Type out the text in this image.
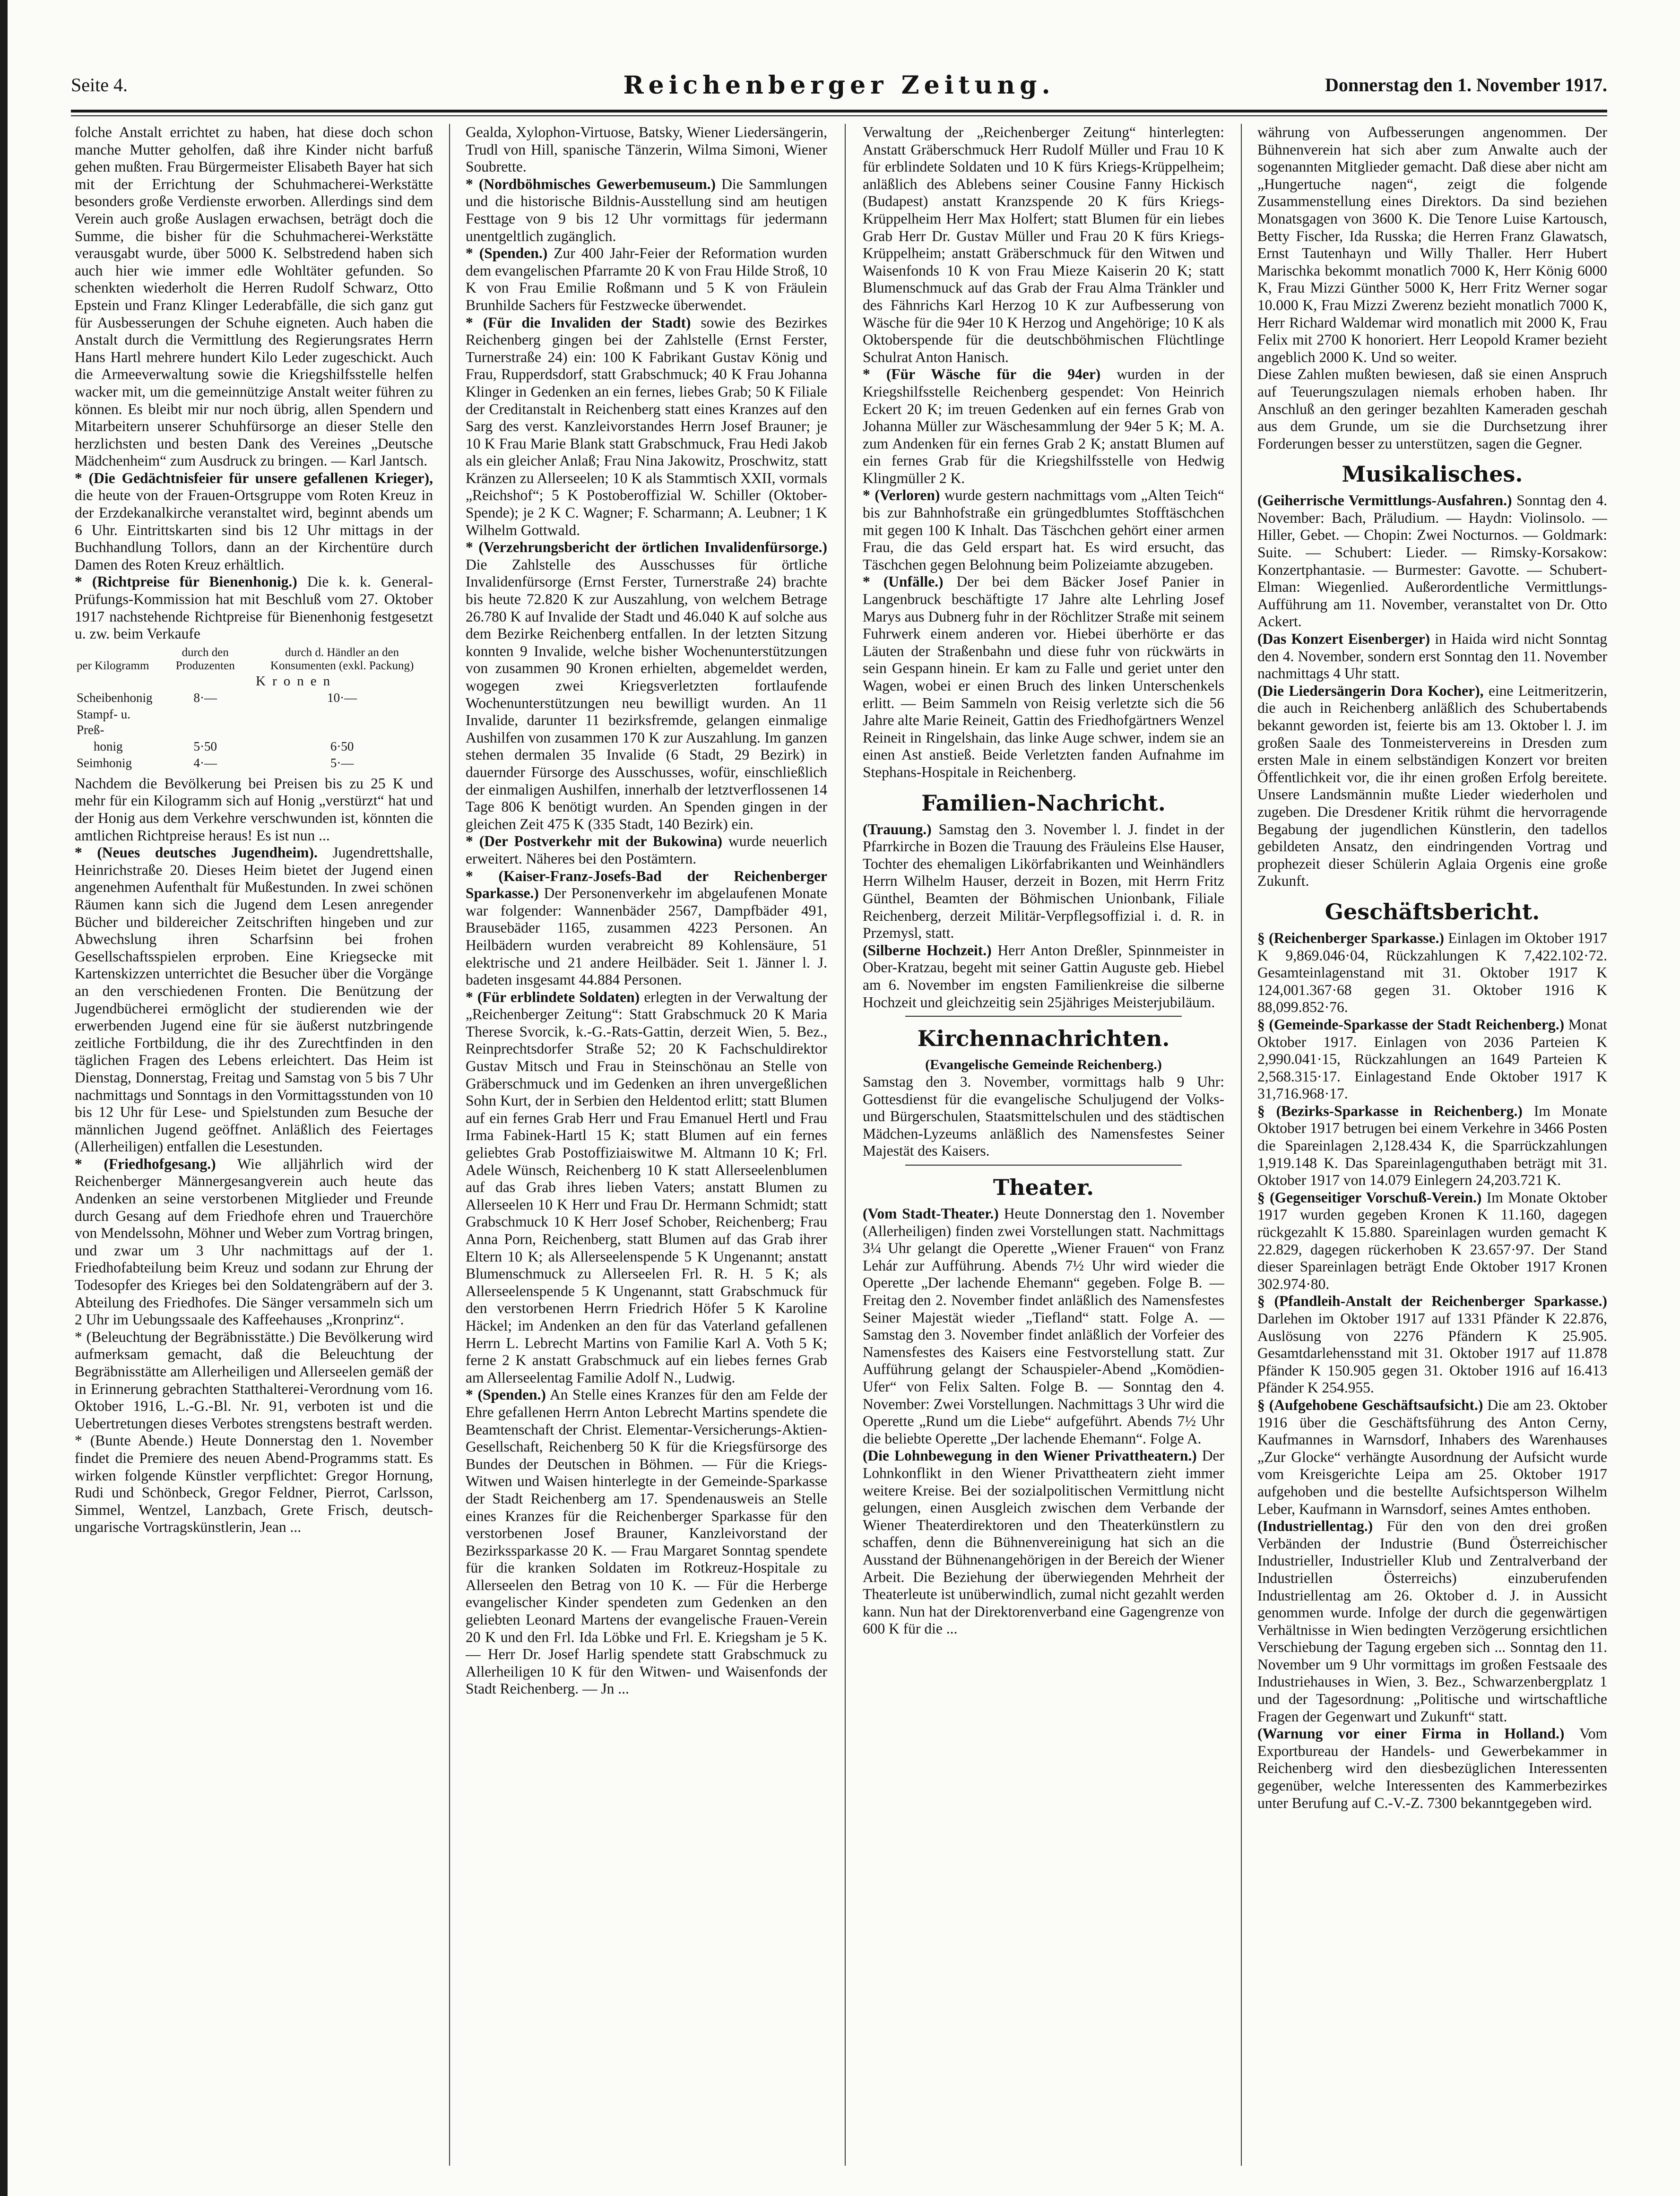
Seite 4.	Reichenberger Zeitung.	Donnerstag den 1. November 1917.

folche Anstalt errichtet zu haben, hat diese doch schon manche Mutter geholfen, daß ihre Kinder nicht barfuß gehen mußten. Frau Bürgermeister Elisabeth Bayer hat sich mit der Errichtung der Schuhmacherei-Werkstätte besonders große Verdienste erworben. Allerdings sind dem Verein auch große Auslagen erwachsen, beträgt doch die Summe, die bisher für die Schuhmacherei-Werkstätte verausgabt wurde, über 5000 K. Selbstredend haben sich auch hier wie immer edle Wohltäter gefunden. So schenkten wiederholt die Herren Rudolf Schwarz, Otto Epstein und Franz Klinger Lederabfälle, die sich ganz gut für Ausbesserungen der Schuhe eigneten. Auch haben die Anstalt durch die Vermittlung des Regierungsrates Herrn Hans Hartl mehrere hundert Kilo Leder zugeschickt. Auch die Armeeverwaltung sowie die Kriegshilfsstelle helfen wacker mit, um die gemeinnützige Anstalt weiter führen zu können. Es bleibt mir nur noch übrig, allen Spendern und Mitarbeitern unserer Schuhfürsorge an dieser Stelle den herzlichsten und besten Dank des Vereines „Deutsche Mädchenheim“ zum Ausdruck zu bringen. — Karl Jantsch.

* (Die Gedächtnisfeier für unsere gefallenen Krieger), die heute von der Frauen-Ortsgruppe vom Roten Kreuz in der Erzdekanalkirche veranstaltet wird, beginnt abends um 6 Uhr. Eintrittskarten sind bis 12 Uhr mittags in der Buchhandlung Tollors, dann an der Kirchentüre durch Damen des Roten Kreuz erhältlich.

* (Richtpreise für Bienenhonig.) Die k. k. General-Prüfungs-Kommission hat mit Beschluß vom 27. Oktober 1917 nachstehende Richtpreise für Bienenhonig festgesetzt u. zw. beim Verkaufe

per Kilogramm	durch den Produzenten	durch d. Händler an den Konsumenten (exkl. Packung)
	Kronen	
Scheibenhonig	8·—	10·—
Stampf- u. Preß-		
honig	5·50	6·50
Seimhonig	4·—	5·—

Nachdem die Bevölkerung bei Preisen bis zu 25 K und mehr für ein Kilogramm sich auf Honig „verstürzt“ hat und der Honig aus dem Verkehre verschwunden ist, könnten die amtlichen Richtpreise heraus! Es ist nun ...

* (Neues deutsches Jugendheim). Jugendrettshalle, Heinrichstraße 20. Dieses Heim bietet der Jugend einen angenehmen Aufenthalt für Mußestunden. In zwei schönen Räumen kann sich die Jugend dem Lesen anregender Bücher und bildereicher Zeitschriften hingeben und zur Abwechslung ihren Scharfsinn bei frohen Gesellschaftsspielen erproben. Eine Kriegsecke mit Kartenskizzen unterrichtet die Besucher über die Vorgänge an den verschiedenen Fronten. Die Benützung der Jugendbücherei ermöglicht der studierenden wie der erwerbenden Jugend eine für sie äußerst nutzbringende zeitliche Fortbildung, die ihr des Zurechtfinden in den täglichen Fragen des Lebens erleichtert. Das Heim ist Dienstag, Donnerstag, Freitag und Samstag von 5 bis 7 Uhr nachmittags und Sonntags in den Vormittagsstunden von 10 bis 12 Uhr für Lese- und Spielstunden zum Besuche der männlichen Jugend geöffnet. Anläßlich des Feiertages (Allerheiligen) entfallen die Lesestunden.

* (Friedhofgesang.) Wie alljährlich wird der Reichenberger Männergesangverein auch heute das Andenken an seine verstorbenen Mitglieder und Freunde durch Gesang auf dem Friedhofe ehren und Trauerchöre von Mendelssohn, Möhner und Weber zum Vortrag bringen, und zwar um 3 Uhr nachmittags auf der 1. Friedhofabteilung beim Kreuz und sodann zur Ehrung der Todesopfer des Krieges bei den Soldatengräbern auf der 3. Abteilung des Friedhofes. Die Sänger versammeln sich um 2 Uhr im Uebungssaale des Kaffeehauses „Kronprinz“.

* (Beleuchtung der Begräbnisstätte.) Die Bevölkerung wird aufmerksam gemacht, daß die Beleuchtung der Begräbnisstätte am Allerheiligen und Allerseelen gemäß der in Erinnerung gebrachten Statthalterei-Verordnung vom 16. Oktober 1916, L.-G.-Bl. Nr. 91, verboten ist und die Uebertretungen dieses Verbotes strengstens bestraft werden.

* (Bunte Abende.) Heute Donnerstag den 1. November findet die Premiere des neuen Abend-Programms statt. Es wirken folgende Künstler verpflichtet: Gregor Hornung, Rudi und Schönbeck, Gregor Feldner, Pierrot, Carlsson, Simmel, Wentzel, Lanzbach, Grete Frisch, deutsch-ungarische Vortragskünstlerin, Jean ...

Gealda, Xylophon-Virtuose, Batsky, Wiener Liedersängerin, Trudl von Hill, spanische Tänzerin, Wilma Simoni, Wiener Soubrette.

* (Nordböhmisches Gewerbemuseum.) Die Sammlungen und die historische Bildnis-Ausstellung sind am heutigen Festtage von 9 bis 12 Uhr vormittags für jedermann unentgeltlich zugänglich.

* (Spenden.) Zur 400 Jahr-Feier der Reformation wurden dem evangelischen Pfarramte 20 K von Frau Hilde Stroß, 10 K von Frau Emilie Roßmann und 5 K von Fräulein Brunhilde Sachers für Festzwecke überwendet.

* (Für die Invaliden der Stadt) sowie des Bezirkes Reichenberg gingen bei der Zahlstelle (Ernst Ferster, Turnerstraße 24) ein: 100 K Fabrikant Gustav König und Frau, Rupperdsdorf, statt Grabschmuck; 40 K Frau Johanna Klinger in Gedenken an ein fernes, liebes Grab; 50 K Filiale der Creditanstalt in Reichenberg statt eines Kranzes auf den Sarg des verst. Kanzleivorstandes Herrn Josef Brauner; je 10 K Frau Marie Blank statt Grabschmuck, Frau Hedi Jakob als ein gleicher Anlaß; Frau Nina Jakowitz, Proschwitz, statt Kränzen zu Allerseelen; 10 K als Stammtisch XXII, vormals „Reichshof“; 5 K Postoberoffizial W. Schiller (Oktober-Spende); je 2 K C. Wagner; F. Scharmann; A. Leubner; 1 K Wilhelm Gottwald.

* (Verzehrungsbericht der örtlichen Invalidenfürsorge.) Die Zahlstelle des Ausschusses für örtliche Invalidenfürsorge (Ernst Ferster, Turnerstraße 24) brachte bis heute 72.820 K zur Auszahlung, von welchem Betrage 26.780 K auf Invalide der Stadt und 46.040 K auf solche aus dem Bezirke Reichenberg entfallen. In der letzten Sitzung konnten 9 Invalide, welche bisher Wochenunterstützungen von zusammen 90 Kronen erhielten, abgemeldet werden, wogegen zwei Kriegsverletzten fortlaufende Wochenunterstützungen neu bewilligt wurden. An 11 Invalide, darunter 11 bezirksfremde, gelangen einmalige Aushilfen von zusammen 170 K zur Auszahlung. Im ganzen stehen dermalen 35 Invalide (6 Stadt, 29 Bezirk) in dauernder Fürsorge des Ausschusses, wofür, einschließlich der einmaligen Aushilfen, innerhalb der letztverflossenen 14 Tage 806 K benötigt wurden. An Spenden gingen in der gleichen Zeit 475 K (335 Stadt, 140 Bezirk) ein.

* (Der Postverkehr mit der Bukowina) wurde neuerlich erweitert. Näheres bei den Postämtern.

* (Kaiser-Franz-Josefs-Bad der Reichenberger Sparkasse.) Der Personenverkehr im abgelaufenen Monate war folgender: Wannenbäder 2567, Dampfbäder 491, Brausebäder 1165, zusammen 4223 Personen. An Heilbädern wurden verabreicht 89 Kohlensäure, 51 elektrische und 21 andere Heilbäder. Seit 1. Jänner l. J. badeten insgesamt 44.884 Personen.

* (Für erblindete Soldaten) erlegten in der Verwaltung der „Reichenberger Zeitung“: Statt Grabschmuck 20 K Maria Therese Svorcik, k.-G.-Rats-Gattin, derzeit Wien, 5. Bez., Reinprechtsdorfer Straße 52; 20 K Fachschuldirektor Gustav Mitsch und Frau in Steinschönau an Stelle von Gräberschmuck und im Gedenken an ihren unvergeßlichen Sohn Kurt, der in Serbien den Heldentod erlitt; statt Blumen auf ein fernes Grab Herr und Frau Emanuel Hertl und Frau Irma Fabinek-Hartl 15 K; statt Blumen auf ein fernes geliebtes Grab Postoffiziaiswitwe M. Altmann 10 K; Frl. Adele Wünsch, Reichenberg 10 K statt Allerseelenblumen auf das Grab ihres lieben Vaters; anstatt Blumen zu Allerseelen 10 K Herr und Frau Dr. Hermann Schmidt; statt Grabschmuck 10 K Herr Josef Schober, Reichenberg; Frau Anna Porn, Reichenberg, statt Blumen auf das Grab ihrer Eltern 10 K; als Allerseelenspende 5 K Ungenannt; anstatt Blumenschmuck zu Allerseelen Frl. R. H. 5 K; als Allerseelenspende 5 K Ungenannt, statt Grabschmuck für den verstorbenen Herrn Friedrich Höfer 5 K Karoline Häckel; im Andenken an den für das Vaterland gefallenen Herrn L. Lebrecht Martins von Familie Karl A. Voth 5 K; ferne 2 K anstatt Grabschmuck auf ein liebes fernes Grab am Allerseelentag Familie Adolf N., Ludwig.

* (Spenden.) An Stelle eines Kranzes für den am Felde der Ehre gefallenen Herrn Anton Lebrecht Martins spendete die Beamtenschaft der Christ. Elementar-Versicherungs-Aktien-Gesellschaft, Reichenberg 50 K für die Kriegsfürsorge des Bundes der Deutschen in Böhmen. — Für die Kriegs-Witwen und Waisen hinterlegte in der Gemeinde-Sparkasse der Stadt Reichenberg am 17. Spendenausweis an Stelle eines Kranzes für die Reichenberger Sparkasse für den verstorbenen Josef Brauner, Kanzleivorstand der Bezirkssparkasse 20 K. — Frau Margaret Sonntag spendete für die kranken Soldaten im Rotkreuz-Hospitale zu Allerseelen den Betrag von 10 K. — Für die Herberge evangelischer Kinder spendeten zum Gedenken an den geliebten Leonard Martens der evangelische Frauen-Verein 20 K und den Frl. Ida Löbke und Frl. E. Kriegsham je 5 K. — Herr Dr. Josef Harlig spendete statt Grabschmuck zu Allerheiligen 10 K für den Witwen- und Waisenfonds der Stadt Reichenberg. — Jn ...

Verwaltung der „Reichenberger Zeitung“ hinterlegten: Anstatt Gräberschmuck Herr Rudolf Müller und Frau 10 K für erblindete Soldaten und 10 K fürs Kriegs-Krüppelheim; anläßlich des Ablebens seiner Cousine Fanny Hickisch (Budapest) anstatt Kranzspende 20 K fürs Kriegs-Krüppelheim Herr Max Holfert; statt Blumen für ein liebes Grab Herr Dr. Gustav Müller und Frau 20 K fürs Kriegs-Krüppelheim; anstatt Gräberschmuck für den Witwen und Waisenfonds 10 K von Frau Mieze Kaiserin 20 K; statt Blumenschmuck auf das Grab der Frau Alma Tränkler und des Fähnrichs Karl Herzog 10 K zur Aufbesserung von Wäsche für die 94er 10 K Herzog und Angehörige; 10 K als Oktoberspende für die deutschböhmischen Flüchtlinge Schulrat Anton Hanisch.

* (Für Wäsche für die 94er) wurden in der Kriegshilfsstelle Reichenberg gespendet: Von Heinrich Eckert 20 K; im treuen Gedenken auf ein fernes Grab von Johanna Müller zur Wäschesammlung der 94er 5 K; M. A. zum Andenken für ein fernes Grab 2 K; anstatt Blumen auf ein fernes Grab für die Kriegshilfsstelle von Hedwig Klingmüller 2 K.

* (Verloren) wurde gestern nachmittags vom „Alten Teich“ bis zur Bahnhofstraße ein grüngedblumtes Stofftäschchen mit gegen 100 K Inhalt. Das Täschchen gehört einer armen Frau, die das Geld erspart hat. Es wird ersucht, das Täschchen gegen Belohnung beim Polizeiamte abzugeben.

* (Unfälle.) Der bei dem Bäcker Josef Panier in Langenbruck beschäftigte 17 Jahre alte Lehrling Josef Marys aus Dubnerg fuhr in der Röchlitzer Straße mit seinem Fuhrwerk einem anderen vor. Hiebei überhörte er das Läuten der Straßenbahn und diese fuhr von rückwärts in sein Gespann hinein. Er kam zu Falle und geriet unter den Wagen, wobei er einen Bruch des linken Unterschenkels erlitt. — Beim Sammeln von Reisig verletzte sich die 56 Jahre alte Marie Reineit, Gattin des Friedhofgärtners Wenzel Reineit in Ringelshain, das linke Auge schwer, indem sie an einen Ast anstieß. Beide Verletzten fanden Aufnahme im Stephans-Hospitale in Reichenberg.

Familien-Nachricht.

(Trauung.) Samstag den 3. November l. J. findet in der Pfarrkirche in Bozen die Trauung des Fräuleins Else Hauser, Tochter des ehemaligen Likörfabrikanten und Weinhändlers Herrn Wilhelm Hauser, derzeit in Bozen, mit Herrn Fritz Günthel, Beamten der Böhmischen Unionbank, Filiale Reichenberg, derzeit Militär-Verpflegsoffizial i. d. R. in Przemysl, statt.

(Silberne Hochzeit.) Herr Anton Dreßler, Spinnmeister in Ober-Kratzau, begeht mit seiner Gattin Auguste geb. Hiebel am 6. November im engsten Familienkreise die silberne Hochzeit und gleichzeitig sein 25jähriges Meisterjubiläum.

Kirchennachrichten.
(Evangelische Gemeinde Reichenberg.)

Samstag den 3. November, vormittags halb 9 Uhr: Gottesdienst für die evangelische Schuljugend der Volks- und Bürgerschulen, Staatsmittelschulen und des städtischen Mädchen-Lyzeums anläßlich des Namensfestes Seiner Majestät des Kaisers.

Theater.

(Vom Stadt-Theater.) Heute Donnerstag den 1. November (Allerheiligen) finden zwei Vorstellungen statt. Nachmittags 3¼ Uhr gelangt die Operette „Wiener Frauen“ von Franz Lehár zur Aufführung. Abends 7½ Uhr wird wieder die Operette „Der lachende Ehemann“ gegeben. Folge B. — Freitag den 2. November findet anläßlich des Namensfestes Seiner Majestät wieder „Tiefland“ statt. Folge A. — Samstag den 3. November findet anläßlich der Vorfeier des Namensfestes des Kaisers eine Festvorstellung statt. Zur Aufführung gelangt der Schauspieler-Abend „Komödien-Ufer“ von Felix Salten. Folge B. — Sonntag den 4. November: Zwei Vorstellungen. Nachmittags 3 Uhr wird die Operette „Rund um die Liebe“ aufgeführt. Abends 7½ Uhr die beliebte Operette „Der lachende Ehemann“. Folge A.

(Die Lohnbewegung in den Wiener Privattheatern.) Der Lohnkonflikt in den Wiener Privattheatern zieht immer weitere Kreise. Bei der sozialpolitischen Vermittlung nicht gelungen, einen Ausgleich zwischen dem Verbande der Wiener Theaterdirektoren und den Theaterkünstlern zu schaffen, denn die Bühnenvereinigung hat sich an die Ausstand der Bühnenangehörigen in der Bereich der Wiener Arbeit. Die Beziehung der überwiegenden Mehrheit der Theaterleute ist unüberwindlich, zumal nicht gezahlt werden kann. Nun hat der Direktorenverband eine Gagengrenze von 600 K für die ...

währung von Aufbesserungen angenommen. Der Bühnenverein hat sich aber zum Anwalte auch der sogenannten Mitglieder gemacht. Daß diese aber nicht am „Hungertuche nagen“, zeigt die folgende Zusammenstellung eines Direktors. Da sind beziehen Monatsgagen von 3600 K. Die Tenore Luise Kartousch, Betty Fischer, Ida Russka; die Herren Franz Glawatsch, Ernst Tautenhayn und Willy Thaller. Herr Hubert Marischka bekommt monatlich 7000 K, Herr König 6000 K, Frau Mizzi Günther 5000 K, Herr Fritz Werner sogar 10.000 K, Frau Mizzi Zwerenz bezieht monatlich 7000 K, Herr Richard Waldemar wird monatlich mit 2000 K, Frau Felix mit 2700 K honoriert. Herr Leopold Kramer bezieht angeblich 2000 K. Und so weiter.

Diese Zahlen mußten bewiesen, daß sie einen Anspruch auf Teuerungszulagen niemals erhoben haben. Ihr Anschluß an den geringer bezahlten Kameraden geschah aus dem Grunde, um sie die Durchsetzung ihrer Forderungen besser zu unterstützen, sagen die Gegner.

Musikalisches.

(Geiherrische Vermittlungs-Ausfahren.) Sonntag den 4. November: Bach, Präludium. — Haydn: Violinsolo. — Hiller, Gebet. — Chopin: Zwei Nocturnos. — Goldmark: Suite. — Schubert: Lieder. — Rimsky-Korsakow: Konzertphantasie. — Burmester: Gavotte. — Schubert-Elman: Wiegenlied. Außerordentliche Vermittlungs-Aufführung am 11. November, veranstaltet von Dr. Otto Ackert.

(Das Konzert Eisenberger) in Haida wird nicht Sonntag den 4. November, sondern erst Sonntag den 11. November nachmittags 4 Uhr statt.

(Die Liedersängerin Dora Kocher), eine Leitmeritzerin, die auch in Reichenberg anläßlich des Schubertabends bekannt geworden ist, feierte bis am 13. Oktober l. J. im großen Saale des Tonmeistervereins in Dresden zum ersten Male in einem selbständigen Konzert vor breiten Öffentlichkeit vor, die ihr einen großen Erfolg bereitete. Unsere Landsmännin mußte Lieder wiederholen und zugeben. Die Dresdener Kritik rühmt die hervorragende Begabung der jugendlichen Künstlerin, den tadellos gebildeten Ansatz, den eindringenden Vortrag und prophezeit dieser Schülerin Aglaia Orgenis eine große Zukunft.

Geschäftsbericht.

§ (Reichenberger Sparkasse.) Einlagen im Oktober 1917 K 9,869.046·04, Rückzahlungen K 7,422.102·72. Gesamteinlagenstand mit 31. Oktober 1917 K 124,001.367·68 gegen 31. Oktober 1916 K 88,099.852·76.

§ (Gemeinde-Sparkasse der Stadt Reichenberg.) Monat Oktober 1917. Einlagen von 2036 Parteien K 2,990.041·15, Rückzahlungen an 1649 Parteien K 2,568.315·17. Einlagestand Ende Oktober 1917 K 31,716.968·17.

§ (Bezirks-Sparkasse in Reichenberg.) Im Monate Oktober 1917 betrugen bei einem Verkehre in 3466 Posten die Spareinlagen 2,128.434 K, die Sparrückzahlungen 1,919.148 K. Das Spareinlagenguthaben beträgt mit 31. Oktober 1917 von 14.079 Einlegern 24,203.721 K.

§ (Gegenseitiger Vorschuß-Verein.) Im Monate Oktober 1917 wurden gegeben Kronen K 11.160, dagegen rückgezahlt K 15.880. Spareinlagen wurden gemacht K 22.829, dagegen rückerhoben K 23.657·97. Der Stand dieser Spareinlagen beträgt Ende Oktober 1917 Kronen 302.974·80.

§ (Pfandleih-Anstalt der Reichenberger Sparkasse.) Darlehen im Oktober 1917 auf 1331 Pfänder K 22.876, Auslösung von 2276 Pfändern K 25.905. Gesamtdarlehensstand mit 31. Oktober 1917 auf 11.878 Pfänder K 150.905 gegen 31. Oktober 1916 auf 16.413 Pfänder K 254.955.

§ (Aufgehobene Geschäftsaufsicht.) Die am 23. Oktober 1916 über die Geschäftsführung des Anton Cerny, Kaufmannes in Warnsdorf, Inhabers des Warenhauses „Zur Glocke“ verhängte Ausordnung der Aufsicht wurde vom Kreisgerichte Leipa am 25. Oktober 1917 aufgehoben und die bestellte Aufsichtsperson Wilhelm Leber, Kaufmann in Warnsdorf, seines Amtes enthoben.

(Industriellentag.) Für den von den drei großen Verbänden der Industrie (Bund Österreichischer Industrieller, Industrieller Klub und Zentralverband der Industriellen Österreichs) einzuberufenden Industriellentag am 26. Oktober d. J. in Aussicht genommen wurde. Infolge der durch die gegenwärtigen Verhältnisse in Wien bedingten Verzögerung ersichtlichen Verschiebung der Tagung ergeben sich ... Sonntag den 11. November um 9 Uhr vormittags im großen Festsaale des Industriehauses in Wien, 3. Bez., Schwarzenbergplatz 1 und der Tagesordnung: „Politische und wirtschaftliche Fragen der Gegenwart und Zukunft“ statt.

(Warnung vor einer Firma in Holland.) Vom Exportbureau der Handels- und Gewerbekammer in Reichenberg wird den diesbezüglichen Interessenten gegenüber, welche Interessenten des Kammerbezirkes unter Berufung auf C.-V.-Z. 7300 bekanntgegeben wird.
